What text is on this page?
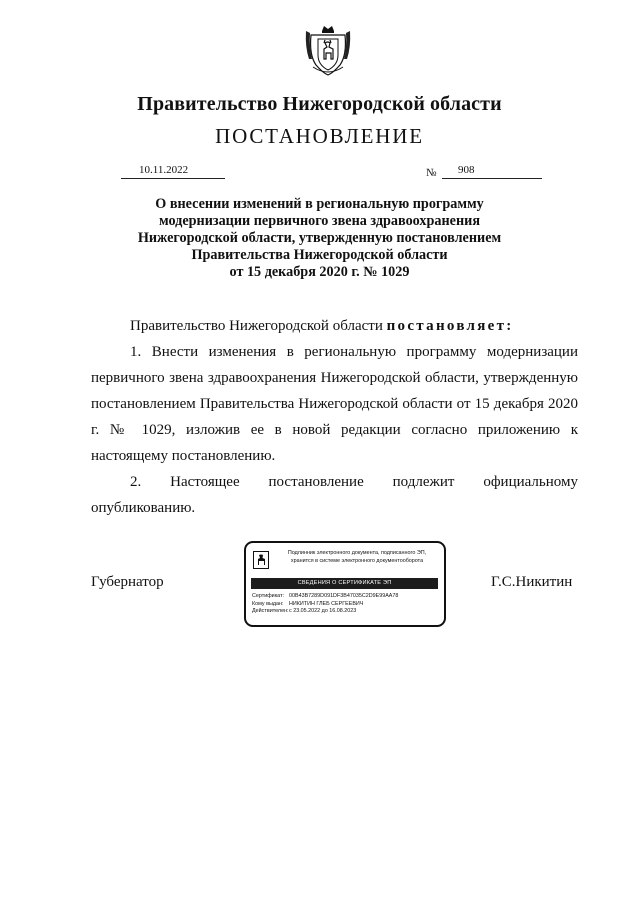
Правительство Нижегородской области
ПОСТАНОВЛЕНИЕ
10.11.2022	№ 908
О внесении изменений в региональную программу
модернизации первичного звена здравоохранения
Нижегородской области, утвержденную постановлением
Правительства Нижегородской области
от 15 декабря 2020 г. № 1029
Правительство Нижегородской области постановляет:

1. Внести изменения в региональную программу модернизации первичного звена здравоохранения Нижегородской области, утвержденную постановлением Правительства Нижегородской области от 15 декабря 2020 г. № 1029, изложив ее в новой редакции согласно приложению к настоящему постановлению.

2. Настоящее постановление подлежит официальному опубликованию.

Губернатор
Подлинник электронного документа, подписанного ЭП,
хранится в системе электронного документооборота
СВЕДЕНИЯ О СЕРТИФИКАТЕ ЭП
Сертификат: 00B43B7289D091DF3B47035C2D9E99AA78
Кому выдан: НИКИТИН ГЛЕБ СЕРГЕЕВИЧ
Действителен:с 23.05.2022 до 16.08.2023
Г.С.Никитин
